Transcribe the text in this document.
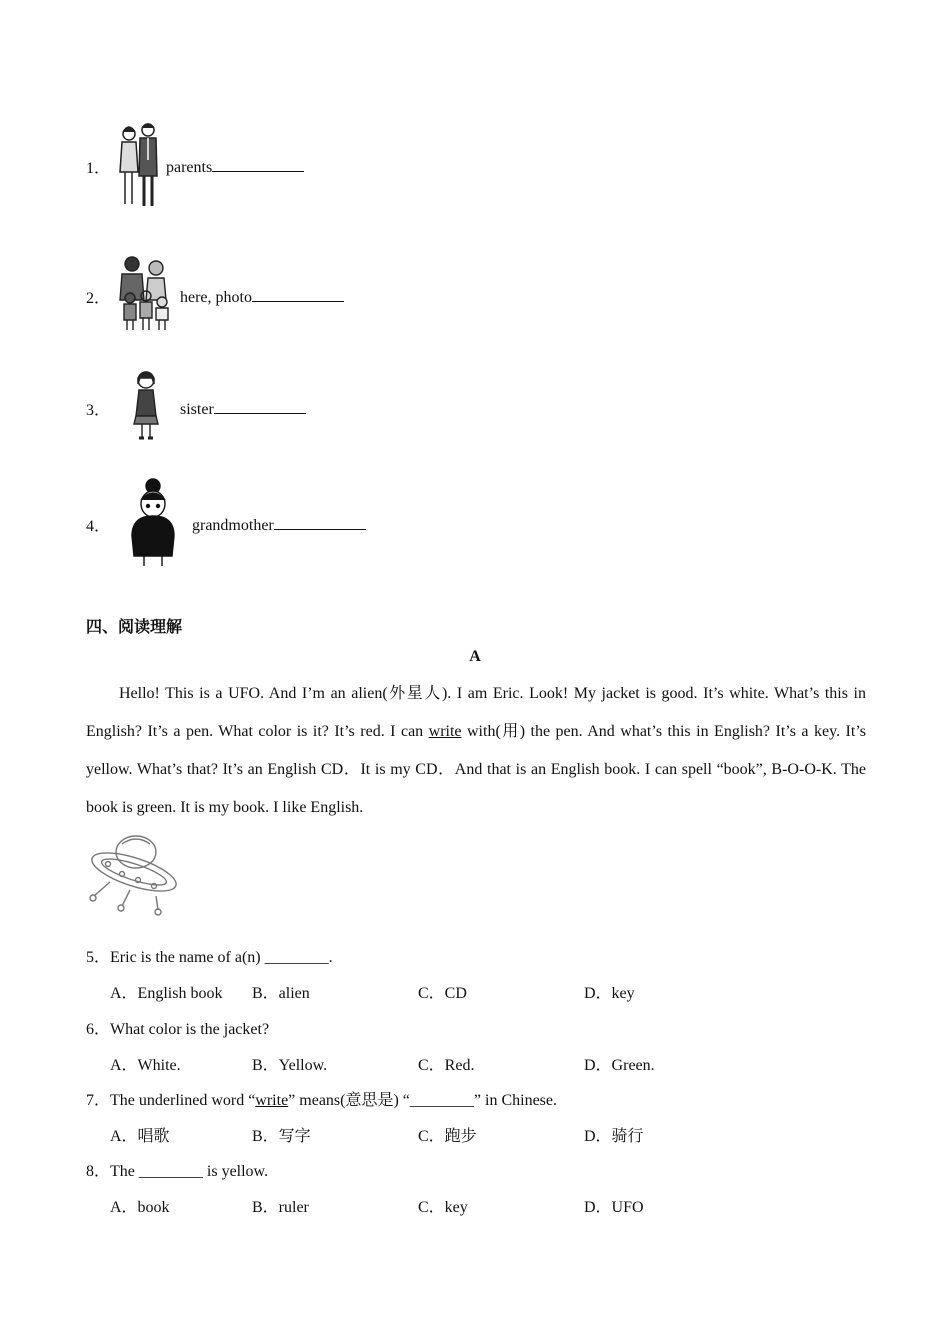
1．	parents
2．	here, photo
3．	sister
4．	grandmother
四、阅读理解
A

Hello! This is a UFO. And I’m an alien(外星人). I am Eric. Look! My jacket is good. It’s white. What’s this in English? It’s a pen. What color is it? It’s red. I can write with(用) the pen. And what’s this in English? It’s a key. It’s yellow. What’s that? It’s an English CD．It is my CD．And that is an English book. I can spell “book”, B-O-O-K. The book is green. It is my book. I like English.

5．Eric is the name of a(n) ________.
A．English book B．alien	C．CD	D．key
6．What color is the jacket?
A．White.	B．Yellow.	C．Red.	D．Green.
7．The underlined word “write” means(意思是) “________” in Chinese.
A．唱歌	B．写字	C．跑步	D．骑行
8．The ________ is yellow.
A．book	B．ruler	C．key	D．UFO
